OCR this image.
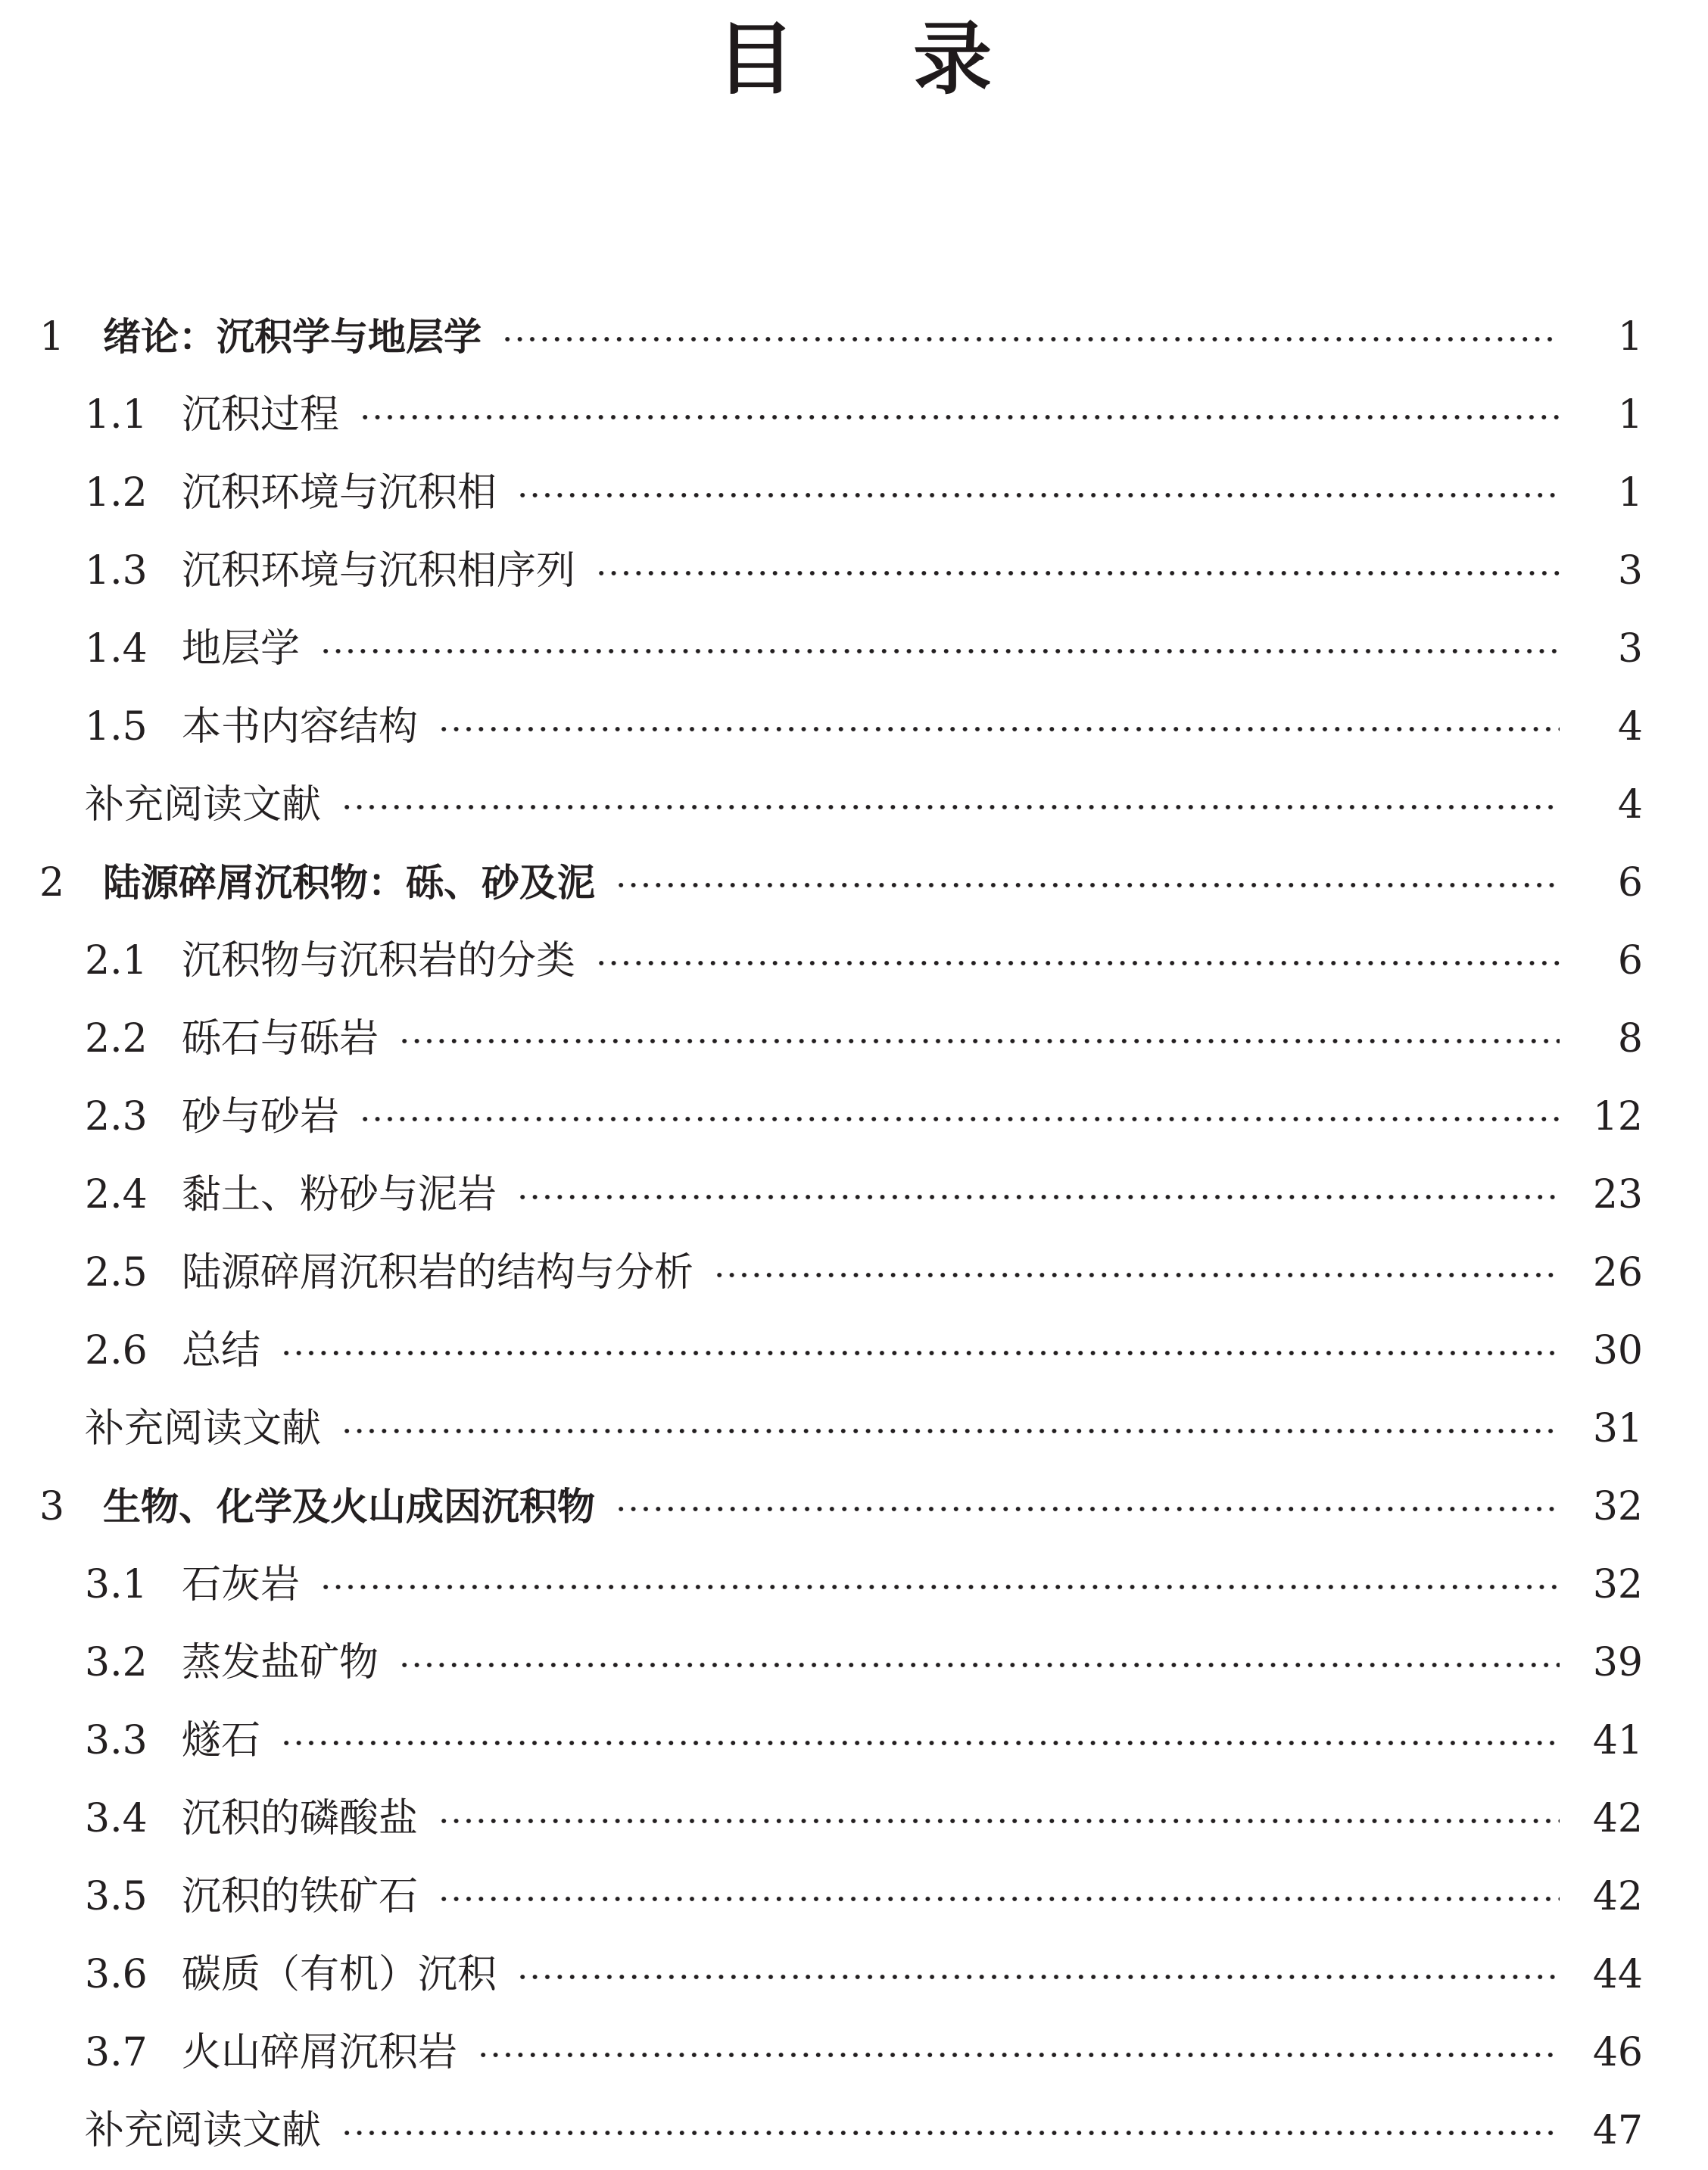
目 录
1	绪论：沉积学与地层学	1
1.1 沉积过程	1
1.2 沉积环境与沉积相	1
1.3 沉积环境与沉积相序列	3
1.4 地层学	3
1.5 本书内容结构	4
补充阅读文献	4
2	陆源碎屑沉积物：砾、砂及泥	6
2.1 沉积物与沉积岩的分类	6
2.2 砾石与砾岩	8
2.3 砂与砂岩	12
2.4 黏土、粉砂与泥岩	23
2.5 陆源碎屑沉积岩的结构与分析	26
2.6 总结	30
补充阅读文献	31
3	生物、化学及火山成因沉积物	32
3.1 石灰岩	32
3.2 蒸发盐矿物	39
3.3 燧石	41
3.4 沉积的磷酸盐	42
3.5 沉积的铁矿石	42
3.6 碳质（有机）沉积	44
3.7 火山碎屑沉积岩	46
补充阅读文献	47
